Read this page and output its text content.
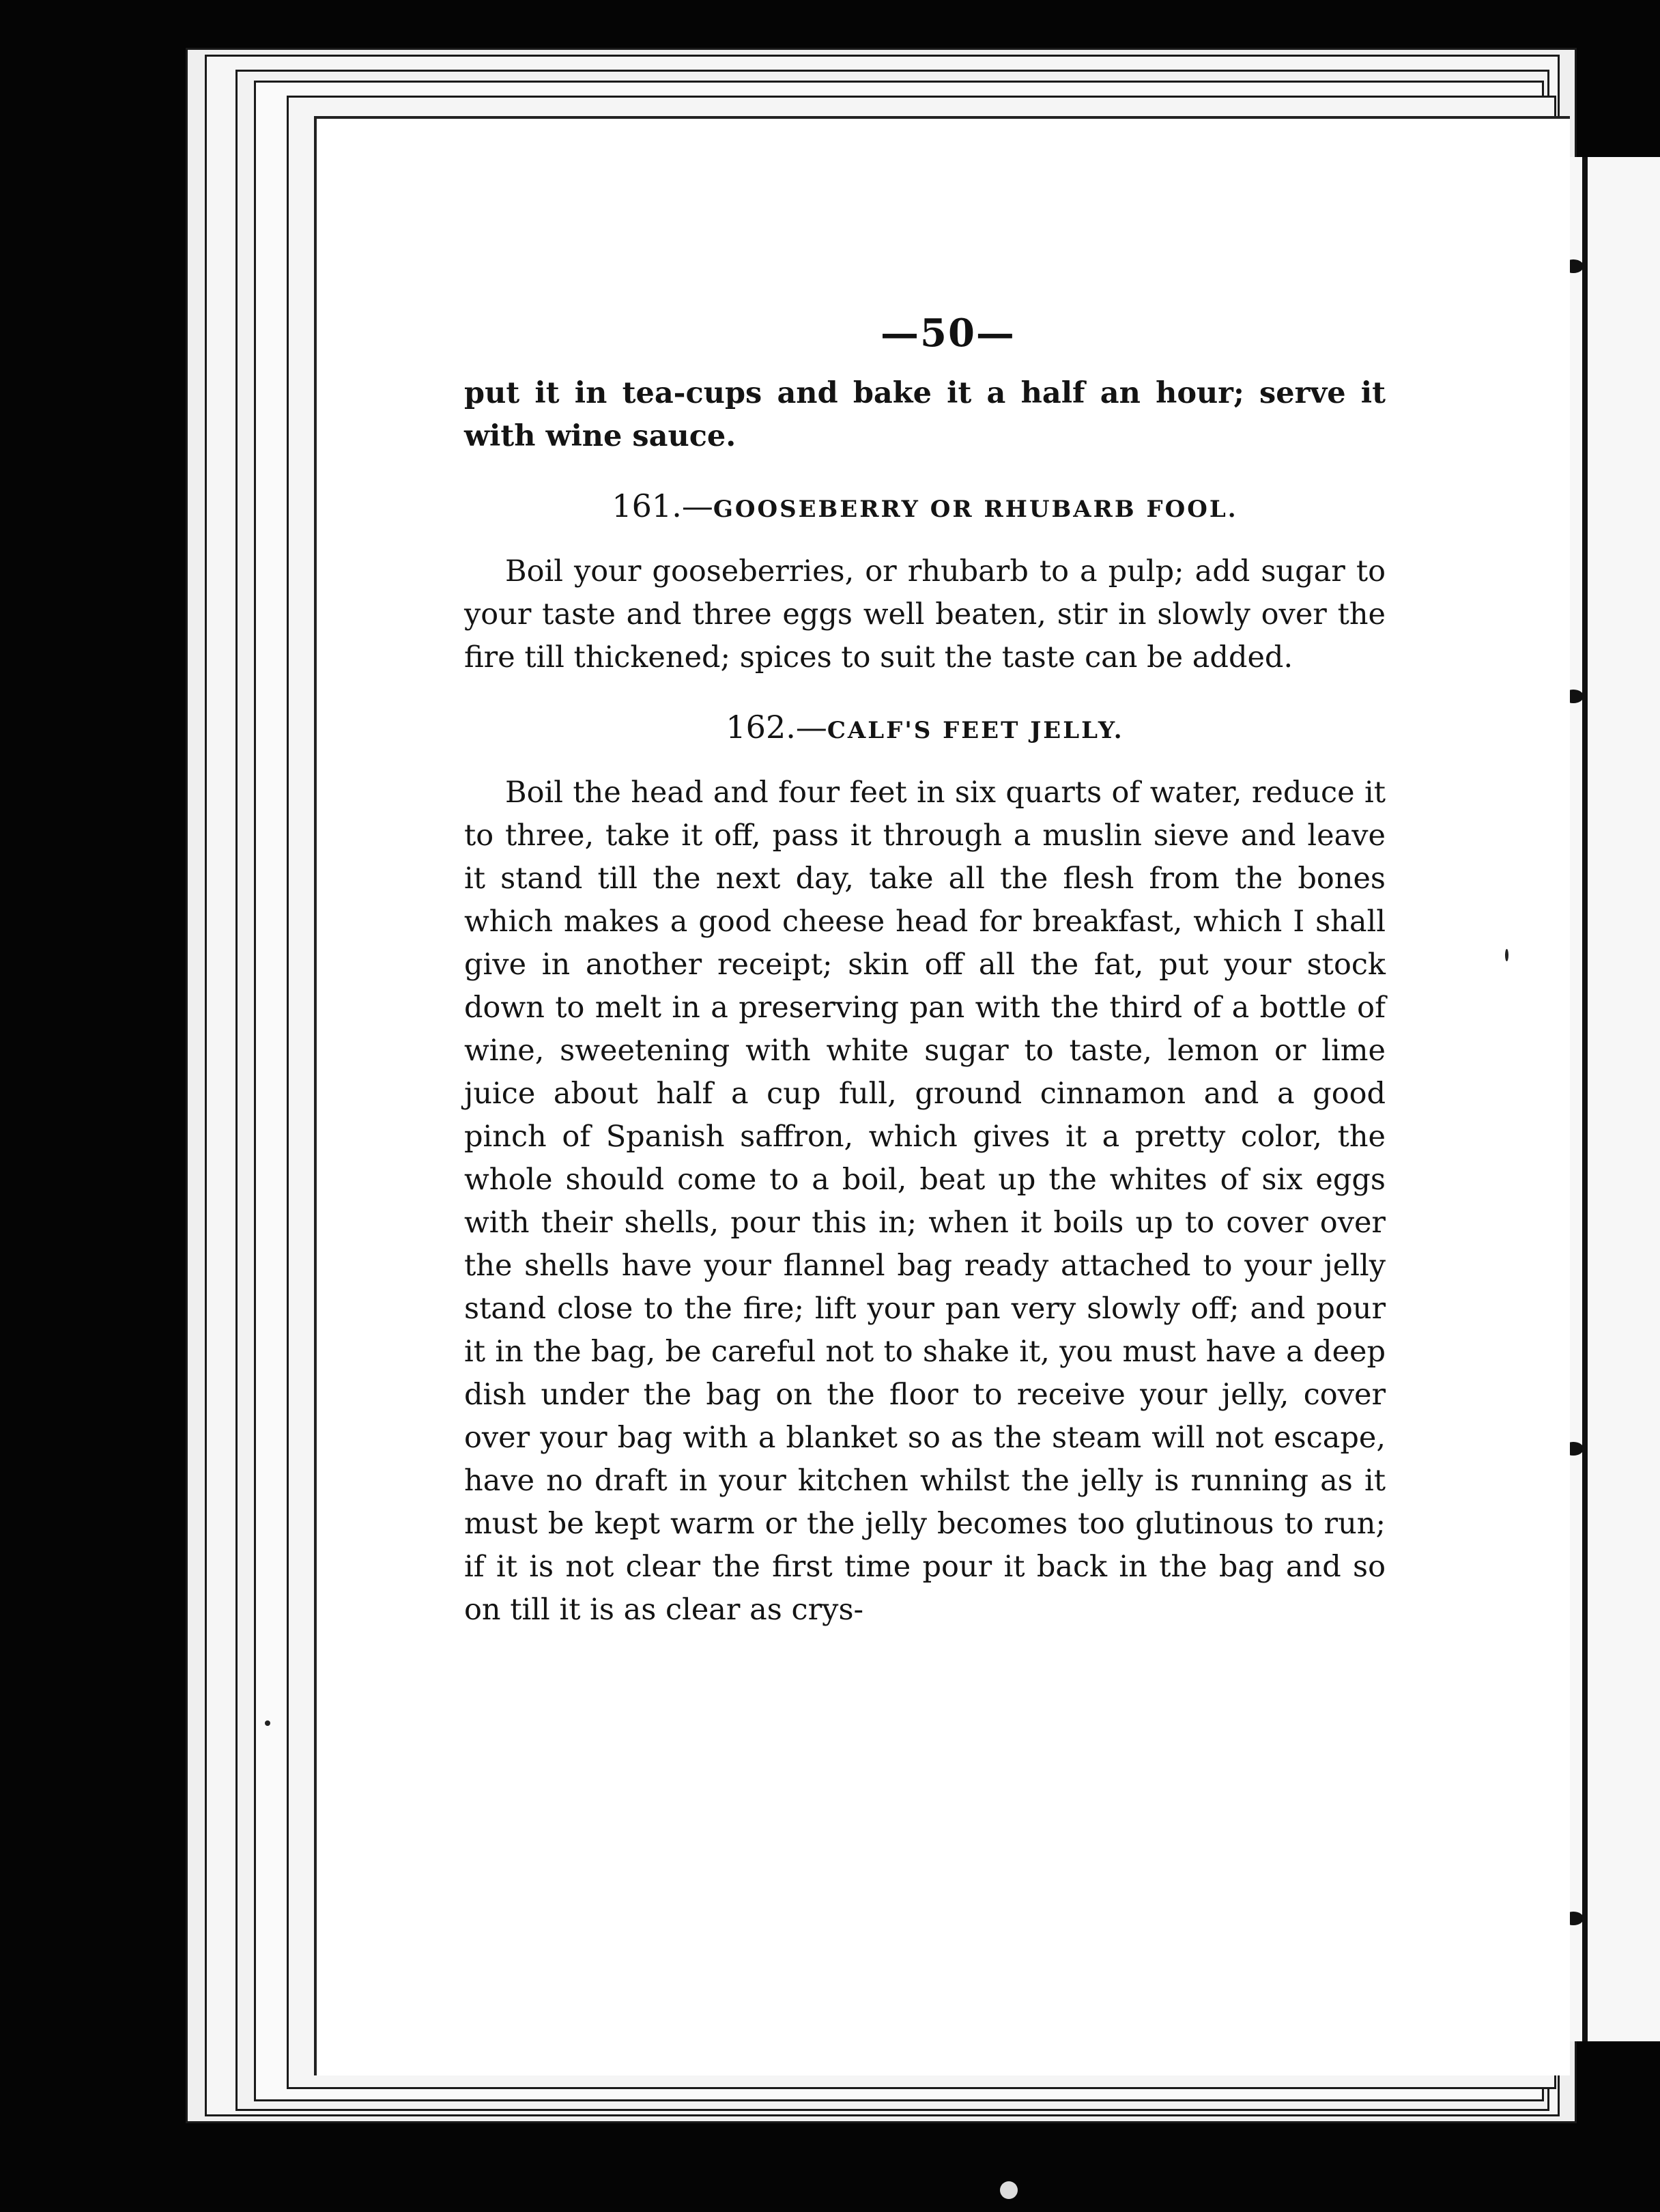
—50—

put it in tea-cups and bake it a half an hour; serve it with wine sauce.

161.—GOOSEBERRY OR RHUBARB FOOL.

Boil your gooseberries, or rhubarb to a pulp; add sugar to your taste and three eggs well beaten, stir in slowly over the fire till thickened; spices to suit the taste can be added.

162.—CALF'S FEET JELLY.

Boil the head and four feet in six quarts of water, reduce it to three, take it off, pass it through a muslin sieve and leave it stand till the next day, take all the flesh from the bones which makes a good cheese head for breakfast, which I shall give in another receipt; skin off all the fat, put your stock down to melt in a preserving pan with the third of a bottle of wine, sweetening with white sugar to taste, lemon or lime juice about half a cup full, ground cinnamon and a good pinch of Spanish saffron, which gives it a pretty color, the whole should come to a boil, beat up the whites of six eggs with their shells, pour this in; when it boils up to cover over the shells have your flannel bag ready attached to your jelly stand close to the fire; lift your pan very slowly off; and pour it in the bag, be careful not to shake it, you must have a deep dish under the bag on the floor to receive your jelly, cover over your bag with a blanket so as the steam will not escape, have no draft in your kitchen whilst the jelly is running as it must be kept warm or the jelly becomes too glutinous to run; if it is not clear the first time pour it back in the bag and so on till it is as clear as crys-
